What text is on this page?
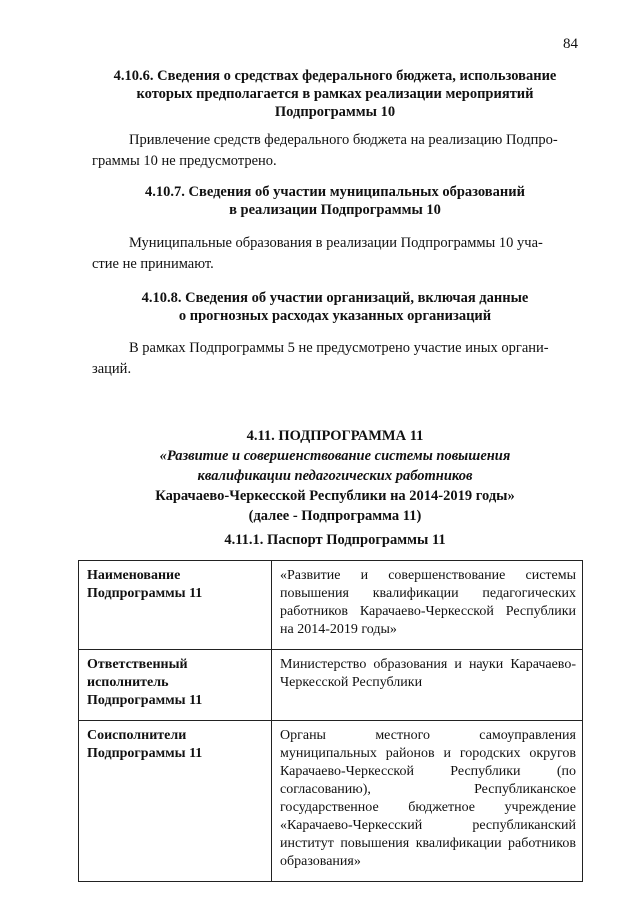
84
4.10.6. Сведения о средствах федерального бюджета, использование
которых предполагается в рамках реализации мероприятий
Подпрограммы 10
Привлечение средств федерального бюджета на реализацию Подпро-
граммы 10 не предусмотрено.
4.10.7. Сведения об участии муниципальных образований
в реализации Подпрограммы 10
Муниципальные образования в реализации Подпрограммы 10 уча-
стие не принимают.
4.10.8. Сведения об участии организаций, включая данные
о прогнозных расходах указанных организаций
В рамках Подпрограммы 5 не предусмотрено участие иных органи-
заций.
4.11. ПОДПРОГРАММА 11
«Развитие и совершенствование системы повышения
квалификации педагогических работников
Карачаево-Черкесской Республики на 2014-2019 годы»
(далее - Подпрограмма 11)
4.11.1. Паспорт Подпрограммы 11
Наименование Подпрограммы 11	«Развитие и совершенствование системы повышения квалификации педагогических работников Карачаево-Черкесской Республики на 2014-2019 годы»
Ответственный исполнитель Подпрограммы 11	Министерство образования и науки Карачаево-Черкесской Республики
Соисполнители Подпрограммы 11	Органы местного самоуправления муниципальных районов и городских округов Карачаево-Черкесской Республики (по согласованию), Республиканское государственное бюджетное учреждение «Карачаево-Черкесский республиканский институт повышения квалификации работников образования»
